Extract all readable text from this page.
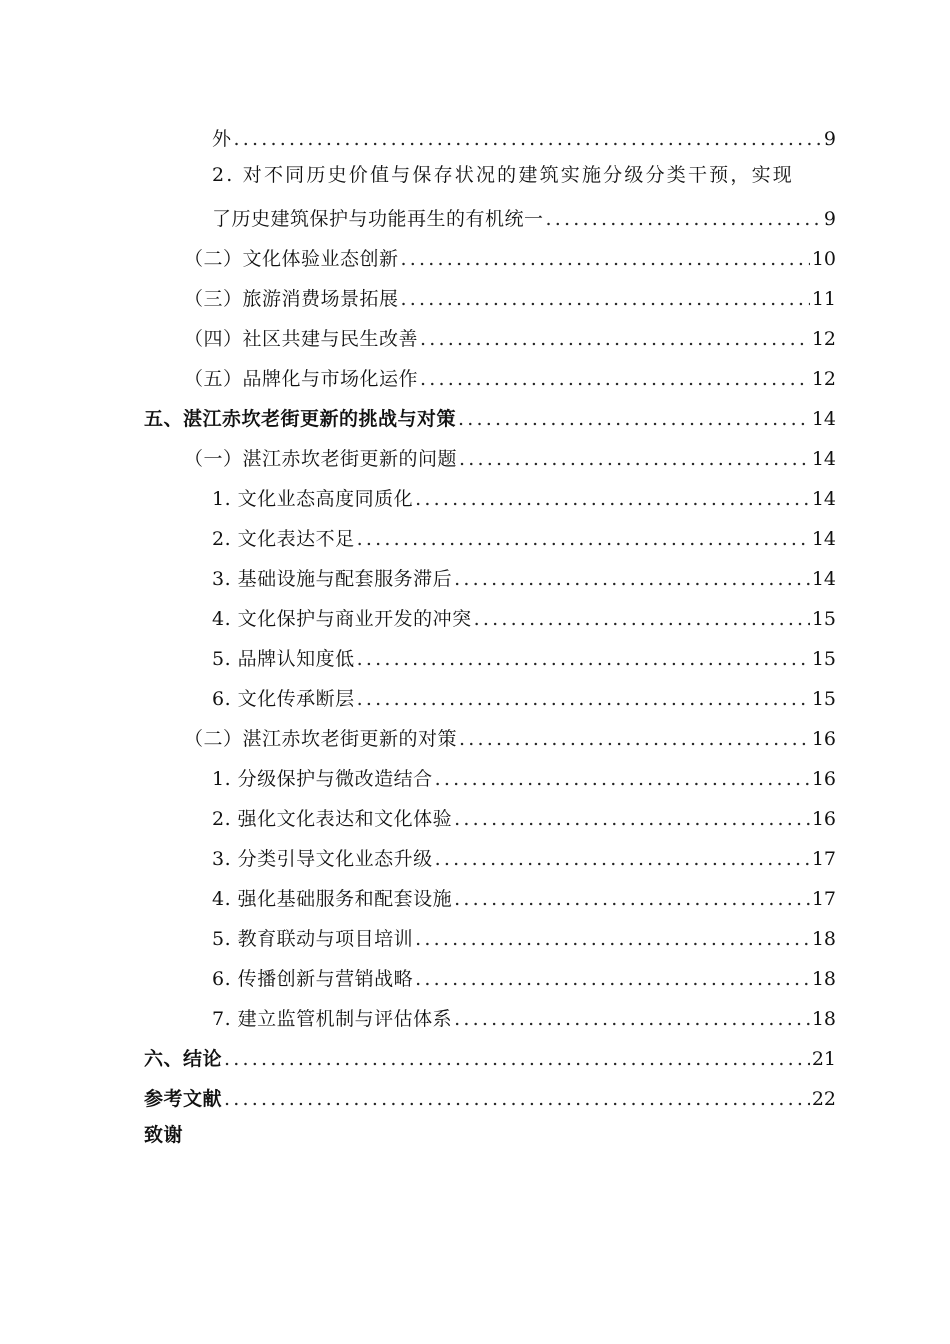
外 .....	9
2. 对不同历史价值与保存状况的建筑实施分级分类干预，实现
了历史建筑保护与功能再生的有机统一 .....	9
（二）文化体验业态创新 .....	10
（三）旅游消费场景拓展 .....	11
（四）社区共建与民生改善 .....	12
（五）品牌化与市场化运作 .....	12
五、湛江赤坎老街更新的挑战与对策 .....	14
（一）湛江赤坎老街更新的问题 .....	14
1. 文化业态高度同质化 .....	14
2. 文化表达不足 .....	14
3. 基础设施与配套服务滞后 .....	14
4. 文化保护与商业开发的冲突 .....	15
5. 品牌认知度低 .....	15
6. 文化传承断层 .....	15
（二）湛江赤坎老街更新的对策 .....	16
1. 分级保护与微改造结合 .....	16
2. 强化文化表达和文化体验 .....	16
3. 分类引导文化业态升级 .....	17
4. 强化基础服务和配套设施 .....	17
5. 教育联动与项目培训 .....	18
6. 传播创新与营销战略 .....	18
7. 建立监管机制与评估体系 .....	18
六、结论 .....	21
参考文献 .....	22
致谢
